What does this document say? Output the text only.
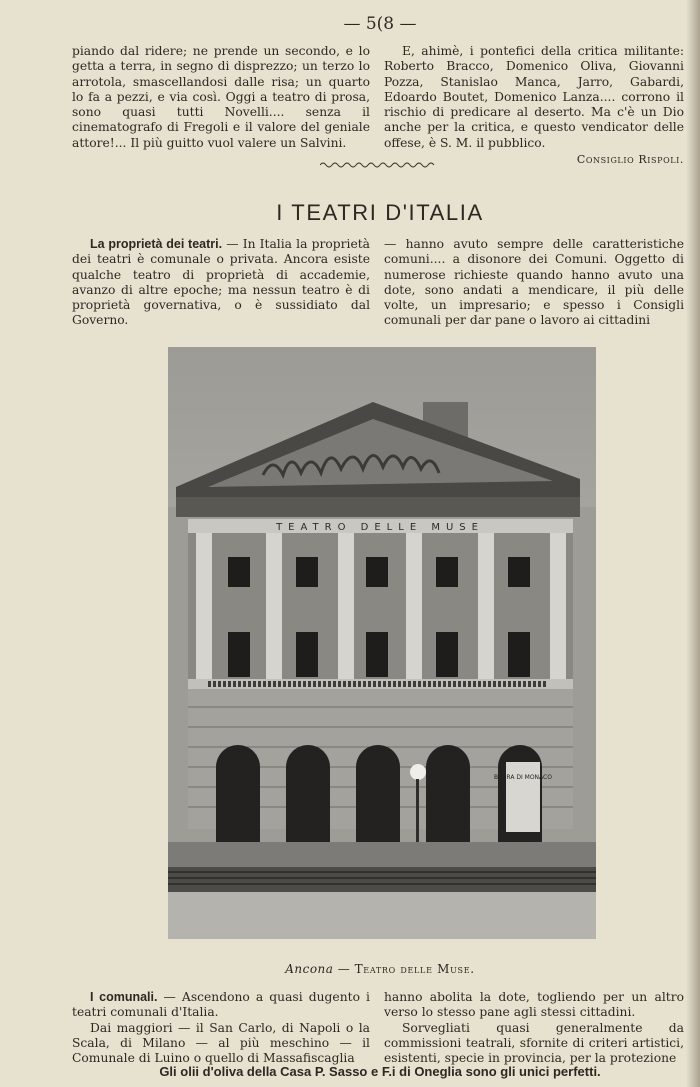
— 5(8 —

piando dal ridere; ne prende un secondo, e lo getta a terra, in segno di disprezzo; un terzo lo arrotola, smascellandosi dalle risa; un quarto lo fa a pezzi, e via così. Oggi a teatro di prosa, sono quasi tutti Novelli.... senza il cinematografo di Fregoli e il valore del geniale attore!... Il più guitto vuol valere un Salvini.

E, ahimè, i pontefici della critica militante: Roberto Bracco, Domenico Oliva, Giovanni Pozza, Stanislao Manca, Jarro, Gabardi, Edoardo Boutet, Domenico Lanza.... corrono il rischio di predicare al deserto. Ma c'è un Dio anche per la critica, e questo vendicator delle offese, è S. M. il pubblico.

Consiglio Rispoli.
I TEATRI D'ITALIA

La proprietà dei teatri. — In Italia la proprietà dei teatri è comunale o privata. Ancora esiste qualche teatro di proprietà di accademie, avanzo di altre epoche; ma nessun teatro è di proprietà governativa, o è sussidiato dal Governo.

— hanno avuto sempre delle caratteristiche comuni.... a disonore dei Comuni. Oggetto di numerose richieste quando hanno avuto una dote, sono andati a mendicare, il più delle volte, un impresario; e spesso i Consigli comunali per dar pane o lavoro ai cittadini

TEATRO DELLE MUSE
BARRA DI MONACO
Ancona — Teatro delle Muse.

I comunali. — Ascendono a quasi dugento i teatri comunali d'Italia.

Dai maggiori — il San Carlo, di Napoli o la Scala, di Milano — al più meschino — il Comunale di Luino o quello di Massafiscaglia

hanno abolita la dote, togliendo per un altro verso lo stesso pane agli stessi cittadini.

Sorvegliati quasi generalmente da commissioni teatrali, sfornite di criteri artistici, esistenti, specie in provincia, per la protezione

Gli olii d'oliva della Casa P. Sasso e F.i di Oneglia sono gli unici perfetti.
